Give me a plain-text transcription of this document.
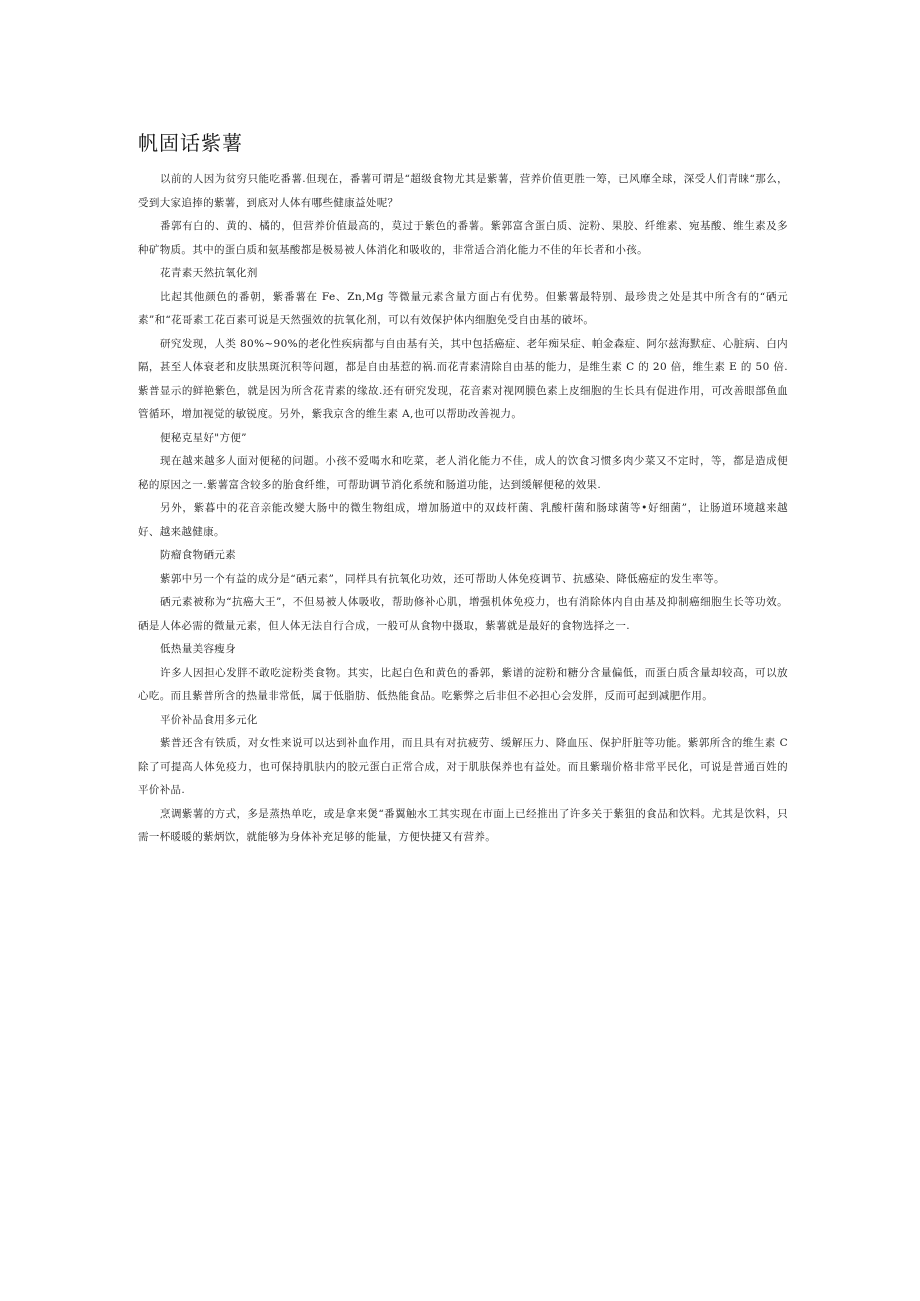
帆固话紫薯

以前的人因为贫穷只能吃番薯.但现在，番薯可谓是“超级食物尤其是紫薯，营养价值更胜一筹，已风靡全球，深受人们青睐“那么，受到大家追捧的紫薯，到底对人体有哪些健康益处呢？

番郭有白的、黄的、橘的，但营养价值最高的，莫过于紫色的番薯。紫郭富含蛋白质、淀粉、果胶、纤维素、宛基酸、维生素及多种矿物质。其中的蛋白质和氨基酸都是极易被人体消化和吸收的，非常适合消化能力不佳的年长者和小孩。

花青素天然抗氧化剂

比起其他颜色的番朝，紫番薯在 Fe、Zn,Mg 等微量元素含量方面占有优势。但紫薯最特别、最珍贵之处是其中所含有的“硒元素”和“花哥素工花百素可说是天然强效的抗氧化剂，可以有效保护体内细胞免受自由基的破坏。

研究发现，人类 80%~90%的老化性疾病都与自由基有关，其中包括癌症、老年痴呆症、帕金森症、阿尔兹海默症、心脏病、白内隔，甚至人体衰老和皮肤黑斑沉积等问题，都是自由基惹的祸.而花青素清除自由基的能力，是维生素 C 的 20 倍，维生素 E 的 50 倍.紫普显示的鲜艳紫色，就是因为所含花青素的缘故.还有研究发现，花音素对视网膜色素上皮细胞的生长具有促进作用，可改善眼部鱼血管循环，增加视觉的敏锐度。另外，紫我京含的维生素 A,也可以帮助改善视力。

便秘克星好"方便”

现在越来越多人面对便秘的问题。小孩不爱喝水和吃菜，老人消化能力不佳，成人的饮食习惯多肉少菜又不定时，等，都是造成便秘的原因之一.紫薯富含较多的胎食纤维，可帮助调节消化系统和肠道功能，达到缓解便秘的效果.

另外，紫暮中的花音亲能改變大肠中的微生物组成，增加肠道中的双歧杆菌、乳酸杆菌和肠球菌等•好细菌”，让肠道环境越来越好、越来越健康。

防瘤食物硒元素

紫郭中另一个有益的成分是“硒元素”，同样具有抗氧化功效，还可帮助人体免疫调节、抗感染、降低癌症的发生率等。

硒元素被称为“抗癌大王”，不但易被人体吸收，帮助修补心肌，增强机体免疫力，也有消除体内自由基及抑制癌细胞生长等功效。硒是人体必需的微量元素，但人体无法自行合成，一般可从食物中摄取，紫薯就是最好的食物选择之一.

低热量美容瘦身

许多人因担心发胖不敢吃淀粉类食物。其实，比起白色和黄色的番郭，紫谱的淀粉和糖分含量偏低，而蛋白质含量却较高，可以放心吃。而且紫普所含的热量非常低，属于低脂肪、低热能食品。吃紫弊之后非但不必担心会发胖，反而可起到减肥作用。

平价补品食用多元化

紫普还含有铁质，对女性来说可以达到补血作用，而且具有对抗疲劳、缓解压力、降血压、保护肝脏等功能。紫郭所含的维生素 C 除了可提高人体免疫力，也可保持肌肤内的胶元蛋白正常合成，对于肌肤保养也有益处。而且紫瑞价格非常平民化，可说是普通百姓的平价补品.

烹调紫薯的方式，多是蒸热单吃，或是拿来煲“番翼触水工其实现在市面上已经推出了许多关于紫狙的食品和饮料。尤其是饮料，只需一杯暖暖的紫炳饮，就能够为身体补充足够的能量，方便快捷又有营养。
